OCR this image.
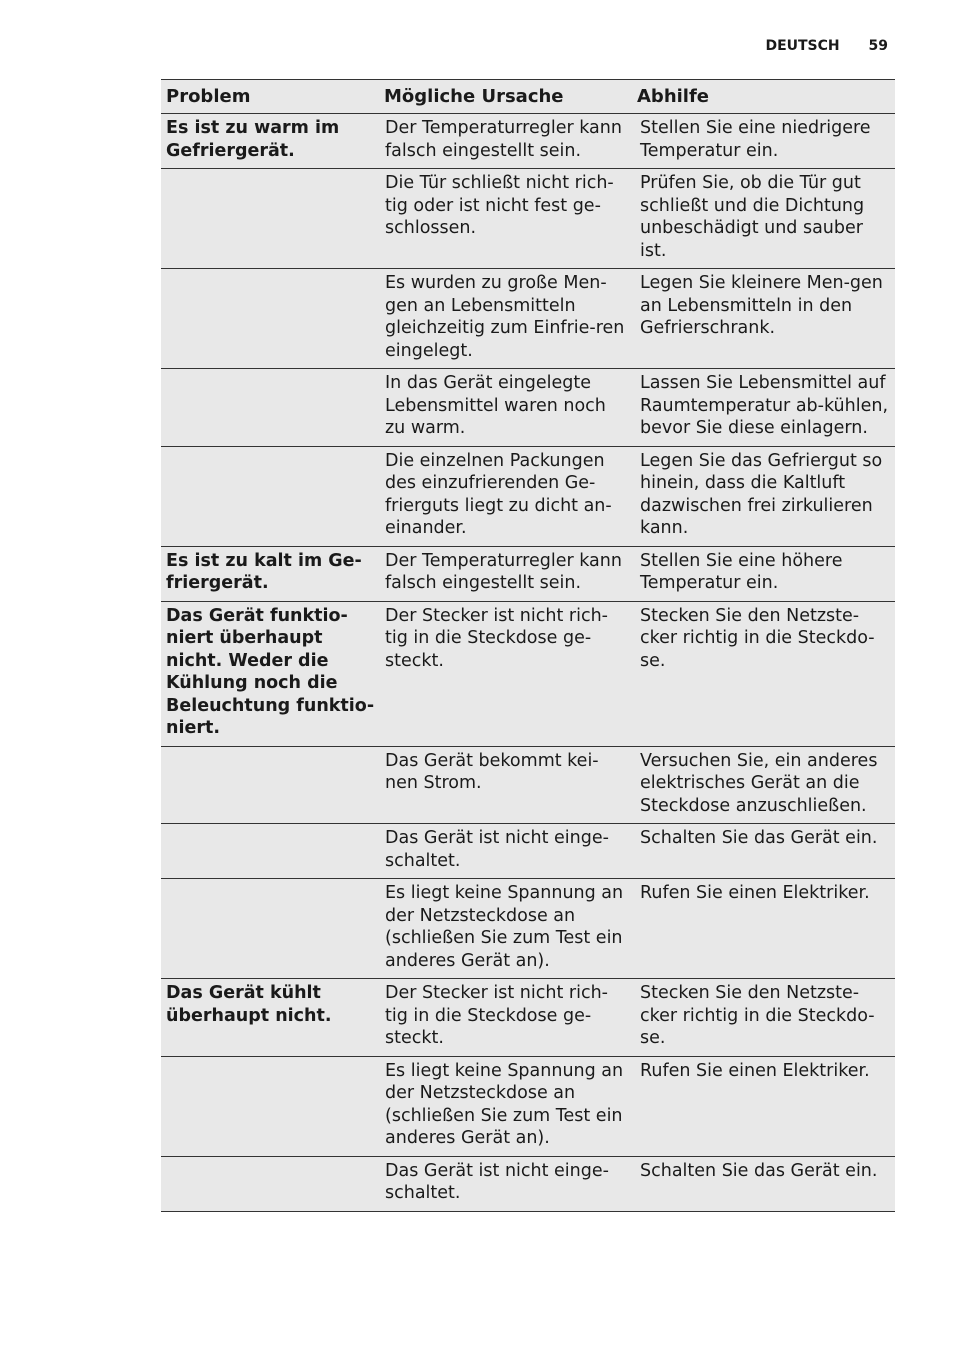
DEUTSCH 59
Problem	Mögliche Ursache	Abhilfe
Es ist zu warm im Gefriergerät.	Der Temperaturregler kann falsch eingestellt sein.	Stellen Sie eine niedrigere Temperatur ein.
	Die Tür schließt nicht rich-tig oder ist nicht fest ge-schlossen.	Prüfen Sie, ob die Tür gut schließt und die Dichtung unbeschädigt und sauber ist.
	Es wurden zu große Men-gen an Lebensmitteln gleichzeitig zum Einfrie-ren eingelegt.	Legen Sie kleinere Men-gen an Lebensmitteln in den Gefrierschrank.
	In das Gerät eingelegte Lebensmittel waren noch zu warm.	Lassen Sie Lebensmittel auf Raumtemperatur ab-kühlen, bevor Sie diese einlagern.
	Die einzelnen Packungen des einzufrierenden Ge-frierguts liegt zu dicht an-einander.	Legen Sie das Gefriergut so hinein, dass die Kaltluft dazwischen frei zirkulieren kann.
Es ist zu kalt im Ge-friergerät.	Der Temperaturregler kann falsch eingestellt sein.	Stellen Sie eine höhere Temperatur ein.
Das Gerät funktio-niert überhaupt nicht. Weder die Kühlung noch die Beleuchtung funktio-niert.	Der Stecker ist nicht rich-tig in die Steckdose ge-steckt.	Stecken Sie den Netzste-cker richtig in die Steckdo-se.
	Das Gerät bekommt kei-nen Strom.	Versuchen Sie, ein anderes elektrisches Gerät an die Steckdose anzuschließen.
	Das Gerät ist nicht einge-schaltet.	Schalten Sie das Gerät ein.
	Es liegt keine Spannung an der Netzsteckdose an (schließen Sie zum Test ein anderes Gerät an).	Rufen Sie einen Elektriker.
Das Gerät kühlt überhaupt nicht.	Der Stecker ist nicht rich-tig in die Steckdose ge-steckt.	Stecken Sie den Netzste-cker richtig in die Steckdo-se.
	Es liegt keine Spannung an der Netzsteckdose an (schließen Sie zum Test ein anderes Gerät an).	Rufen Sie einen Elektriker.
	Das Gerät ist nicht einge-schaltet.	Schalten Sie das Gerät ein.
